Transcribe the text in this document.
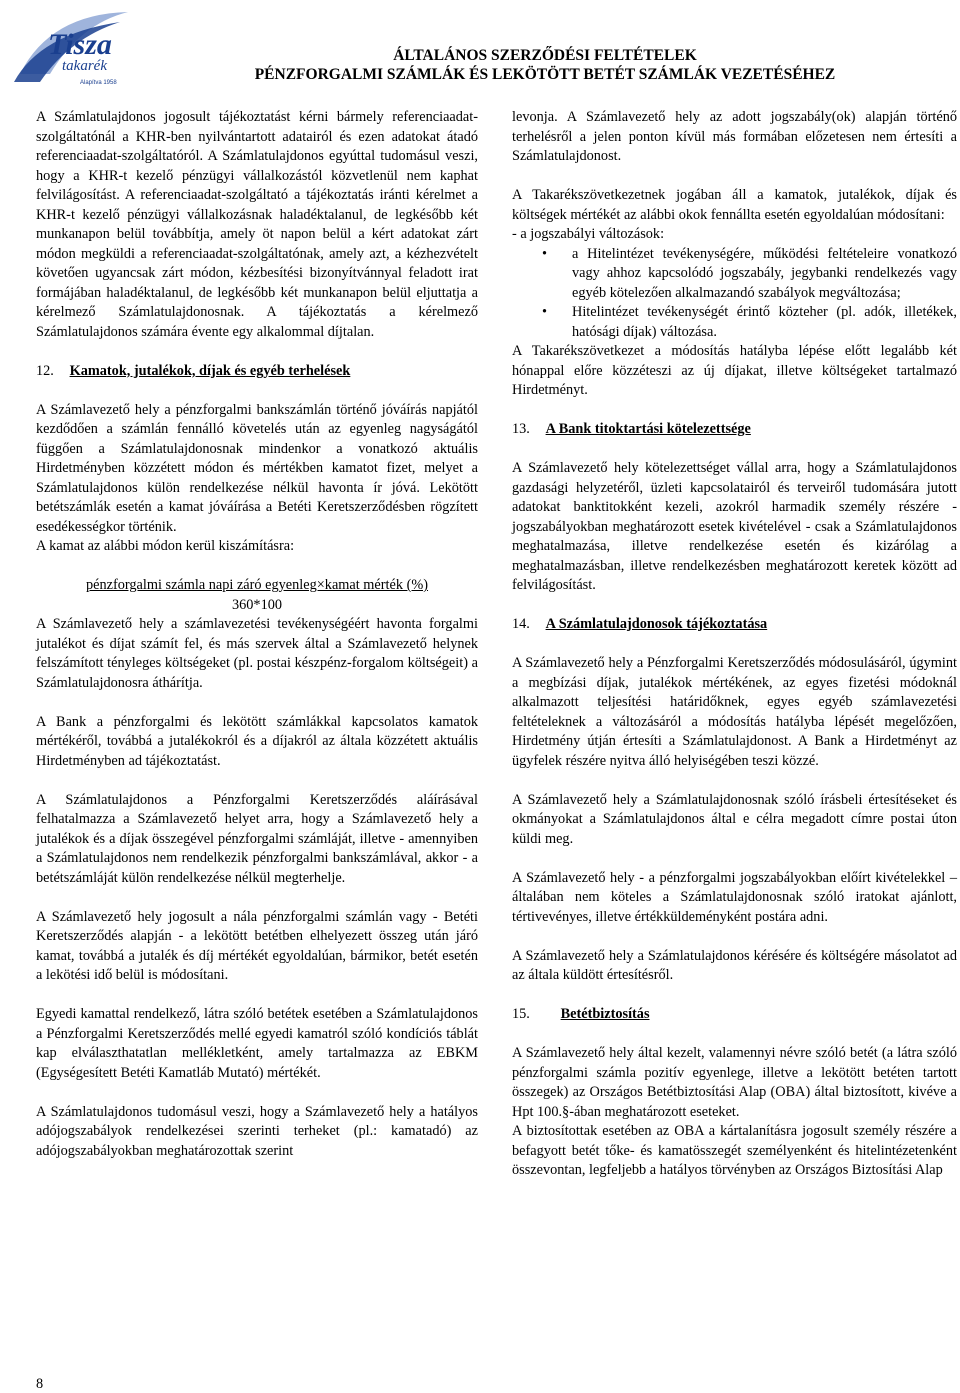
Tisza
takarék
Alapítva 1958
ÁLTALÁNOS SZERZŐDÉSI FELTÉTELEK
PÉNZFORGALMI SZÁMLÁK ÉS LEKÖTÖTT BETÉT SZÁMLÁK VEZETÉSÉHEZ

A Számlatulajdonos jogosult tájékoztatást kérni bármely referenciaadat-szolgáltatónál a KHR-ben nyilvántartott adatairól és ezen adatokat átadó referenciaadat-szolgáltatóról. A Számlatulajdonos egyúttal tudomásul veszi, hogy a KHR-t kezelő pénzügyi vállalkozástól közvetlenül nem kaphat felvilágosítást. A referenciaadat-szolgáltató a tájékoztatás iránti kérelmet a KHR-t kezelő pénzügyi vállalkozásnak haladéktalanul, de legkésőbb két munkanapon belül továbbítja, amely öt napon belül a kért adatokat zárt módon megküldi a referenciaadat-szolgáltatónak, amely azt, a kézhezvételt követően ugyancsak zárt módon, kézbesítési bizonyítvánnyal feladott irat formájában haladéktalanul, de legkésőbb két munkanapon belül eljuttatja a kérelmező Számlatulajdonosnak. A tájékoztatás a kérelmező Számlatulajdonos számára évente egy alkalommal díjtalan.

12. Kamatok, jutalékok, díjak és egyéb terhelések

A Számlavezető hely a pénzforgalmi bankszámlán történő jóváírás napjától kezdődően a számlán fennálló követelés után az egyenleg nagyságától függően a Számlatulajdonosnak mindenkor a vonatkozó aktuális Hirdetményben közzétett módon és mértékben kamatot fizet, melyet a Számlatulajdonos külön rendelkezése nélkül havonta ír jóvá. Lekötött betétszámlák esetén a kamat jóváírása a Betéti Keretszerződésben rögzített esedékességkor történik.

A kamat az alábbi módon kerül kiszámításra:

pénzforgalmi számla napi záró egyenleg×kamat mérték (%)

360*100

A Számlavezető hely a számlavezetési tevékenységéért havonta forgalmi jutalékot és díjat számít fel, és más szervek által a Számlavezető helynek felszámított tényleges költségeket (pl. postai készpénz-forgalom költségeit) a Számlatulajdonosra áthárítja.

A Bank a pénzforgalmi és lekötött számlákkal kapcsolatos kamatok mértékéről, továbbá a jutalékokról és a díjakról az általa közzétett aktuális Hirdetményben ad tájékoztatást.

A Számlatulajdonos a Pénzforgalmi Keretszerződés aláírásával felhatalmazza a Számlavezető helyet arra, hogy a Számlavezető hely a jutalékok és a díjak összegével pénzforgalmi számláját, illetve - amennyiben a Számlatulajdonos nem rendelkezik pénzforgalmi bankszámlával, akkor - a betétszámláját külön rendelkezése nélkül megterhelje.

A Számlavezető hely jogosult a nála pénzforgalmi számlán vagy - Betéti Keretszerződés alapján - a lekötött betétben elhelyezett összeg után járó kamat, továbbá a jutalék és díj mértékét egyoldalúan, bármikor, betét esetén a lekötési idő belül is módosítani.

Egyedi kamattal rendelkező, látra szóló betétek esetében a Számlatulajdonos a Pénzforgalmi Keretszerződés mellé egyedi kamatról szóló kondíciós táblát kap elválaszthatatlan mellékletként, amely tartalmazza az EBKM (Egységesített Betéti Kamatláb Mutató) mértékét.

A Számlatulajdonos tudomásul veszi, hogy a Számlavezető hely a hatályos adójogszabályok rendelkezései szerinti terheket (pl.: kamatadó) az adójogszabályokban meghatározottak szerint

levonja. A Számlavezető hely az adott jogszabály(ok) alapján történő terhelésről a jelen ponton kívül más formában előzetesen nem értesíti a Számlatulajdonost.

A Takarékszövetkezetnek jogában áll a kamatok, jutalékok, díjak és költségek mértékét az alábbi okok fennállta esetén egyoldalúan módosítani:

- a jogszabályi változások:

• a Hitelintézet tevékenységére, működési feltételeire vonatkozó vagy ahhoz kapcsolódó jogszabály, jegybanki rendelkezés vagy egyéb kötelezően alkalmazandó szabályok megváltozása;

• Hitelintézet tevékenységét érintő közteher (pl. adók, illetékek, hatósági díjak) változása.

A Takarékszövetkezet a módosítás hatályba lépése előtt legalább két hónappal előre közzéteszi az új díjakat, illetve költségeket tartalmazó Hirdetményt.

13. A Bank titoktartási kötelezettsége

A Számlavezető hely kötelezettséget vállal arra, hogy a Számlatulajdonos gazdasági helyzetéről, üzleti kapcsolatairól és terveiről tudomására jutott adatokat banktitokként kezeli, azokról harmadik személy részére - jogszabályokban meghatározott esetek kivételével - csak a Számlatulajdonos meghatalmazása, illetve rendelkezése esetén és kizárólag a meghatalmazásban, illetve rendelkezésben meghatározott keretek között ad felvilágosítást.

14. A Számlatulajdonosok tájékoztatása

A Számlavezető hely a Pénzforgalmi Keretszerződés módosulásáról, úgymint a megbízási díjak, jutalékok mértékének, az egyes fizetési módoknál alkalmazott teljesítési határidőknek, egyes egyéb számlavezetési feltételeknek a változásáról a módosítás hatályba lépését megelőzően, Hirdetmény útján értesíti a Számlatulajdonost. A Bank a Hirdetményt az ügyfelek részére nyitva álló helyiségében teszi közzé.

A Számlavezető hely a Számlatulajdonosnak szóló írásbeli értesítéseket és okmányokat a Számlatulajdonos által e célra megadott címre postai úton küldi meg.

A Számlavezető hely - a pénzforgalmi jogszabályokban előírt kivételekkel – általában nem köteles a Számlatulajdonosnak szóló iratokat ajánlott, tértivevényes, illetve értékküldeményként postára adni.

A Számlavezető hely a Számlatulajdonos kérésére és költségére másolatot ad az általa küldött értesítésről.

15. Betétbiztosítás

A Számlavezető hely által kezelt, valamennyi névre szóló betét (a látra szóló pénzforgalmi számla pozitív egyenlege, illetve a lekötött betéten tartott összegek) az Országos Betétbiztosítási Alap (OBA) által biztosított, kivéve a Hpt 100.§-ában meghatározott eseteket.

A biztosítottak esetében az OBA a kártalanításra jogosult személy részére a befagyott betét tőke- és kamatösszegét személyenként és hitelintézetenként összevontan, legfeljebb a hatályos törvényben az Országos Biztosítási Alap

8
